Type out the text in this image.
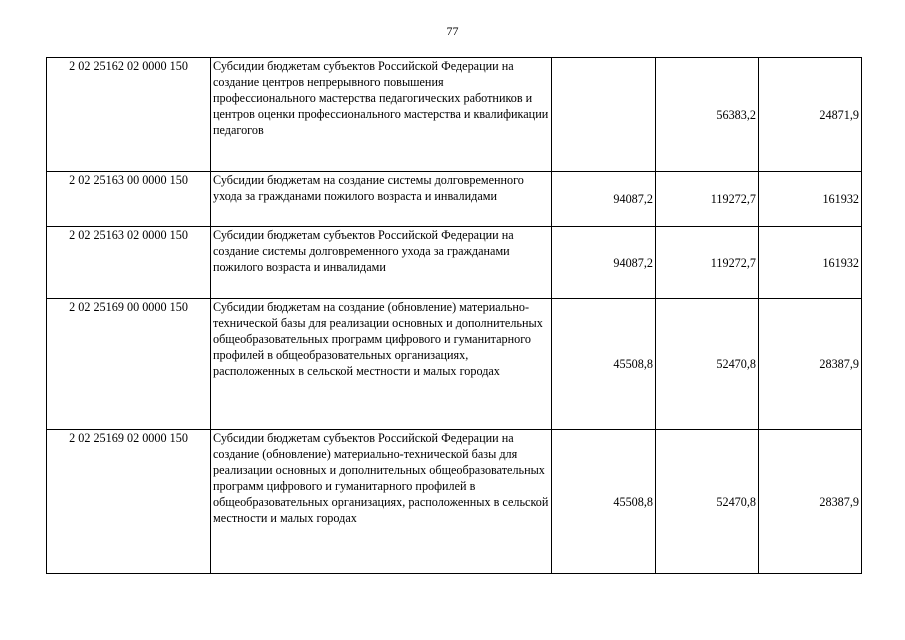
77
2 02 25162 02 0000 150	Субсидии бюджетам субъектов Российской Федерации на создание центров непрерывного повышения профессионального мастерства педагогических работников и центров оценки профессионального мастерства и квалификации педагогов		56383,2	24871,9
2 02 25163 00 0000 150	Субсидии бюджетам на создание системы долговременного ухода за гражданами пожилого возраста и инвалидами	94087,2	119272,7	161932
2 02 25163 02 0000 150	Субсидии бюджетам субъектов Российской Федерации на создание системы долговременного ухода за гражданами пожилого возраста и инвалидами	94087,2	119272,7	161932
2 02 25169 00 0000 150	Субсидии бюджетам на создание (обновление) материально-технической базы для реализации основных и дополнительных общеобразовательных программ цифрового и гуманитарного профилей в общеобразовательных организациях, расположенных в сельской местности и малых городах	45508,8	52470,8	28387,9
2 02 25169 02 0000 150	Субсидии бюджетам субъектов Российской Федерации на создание (обновление) материально-технической базы для реализации основных и дополнительных общеобразовательных программ цифрового и гуманитарного профилей в общеобразовательных организациях, расположенных в сельской местности и малых городах	45508,8	52470,8	28387,9
